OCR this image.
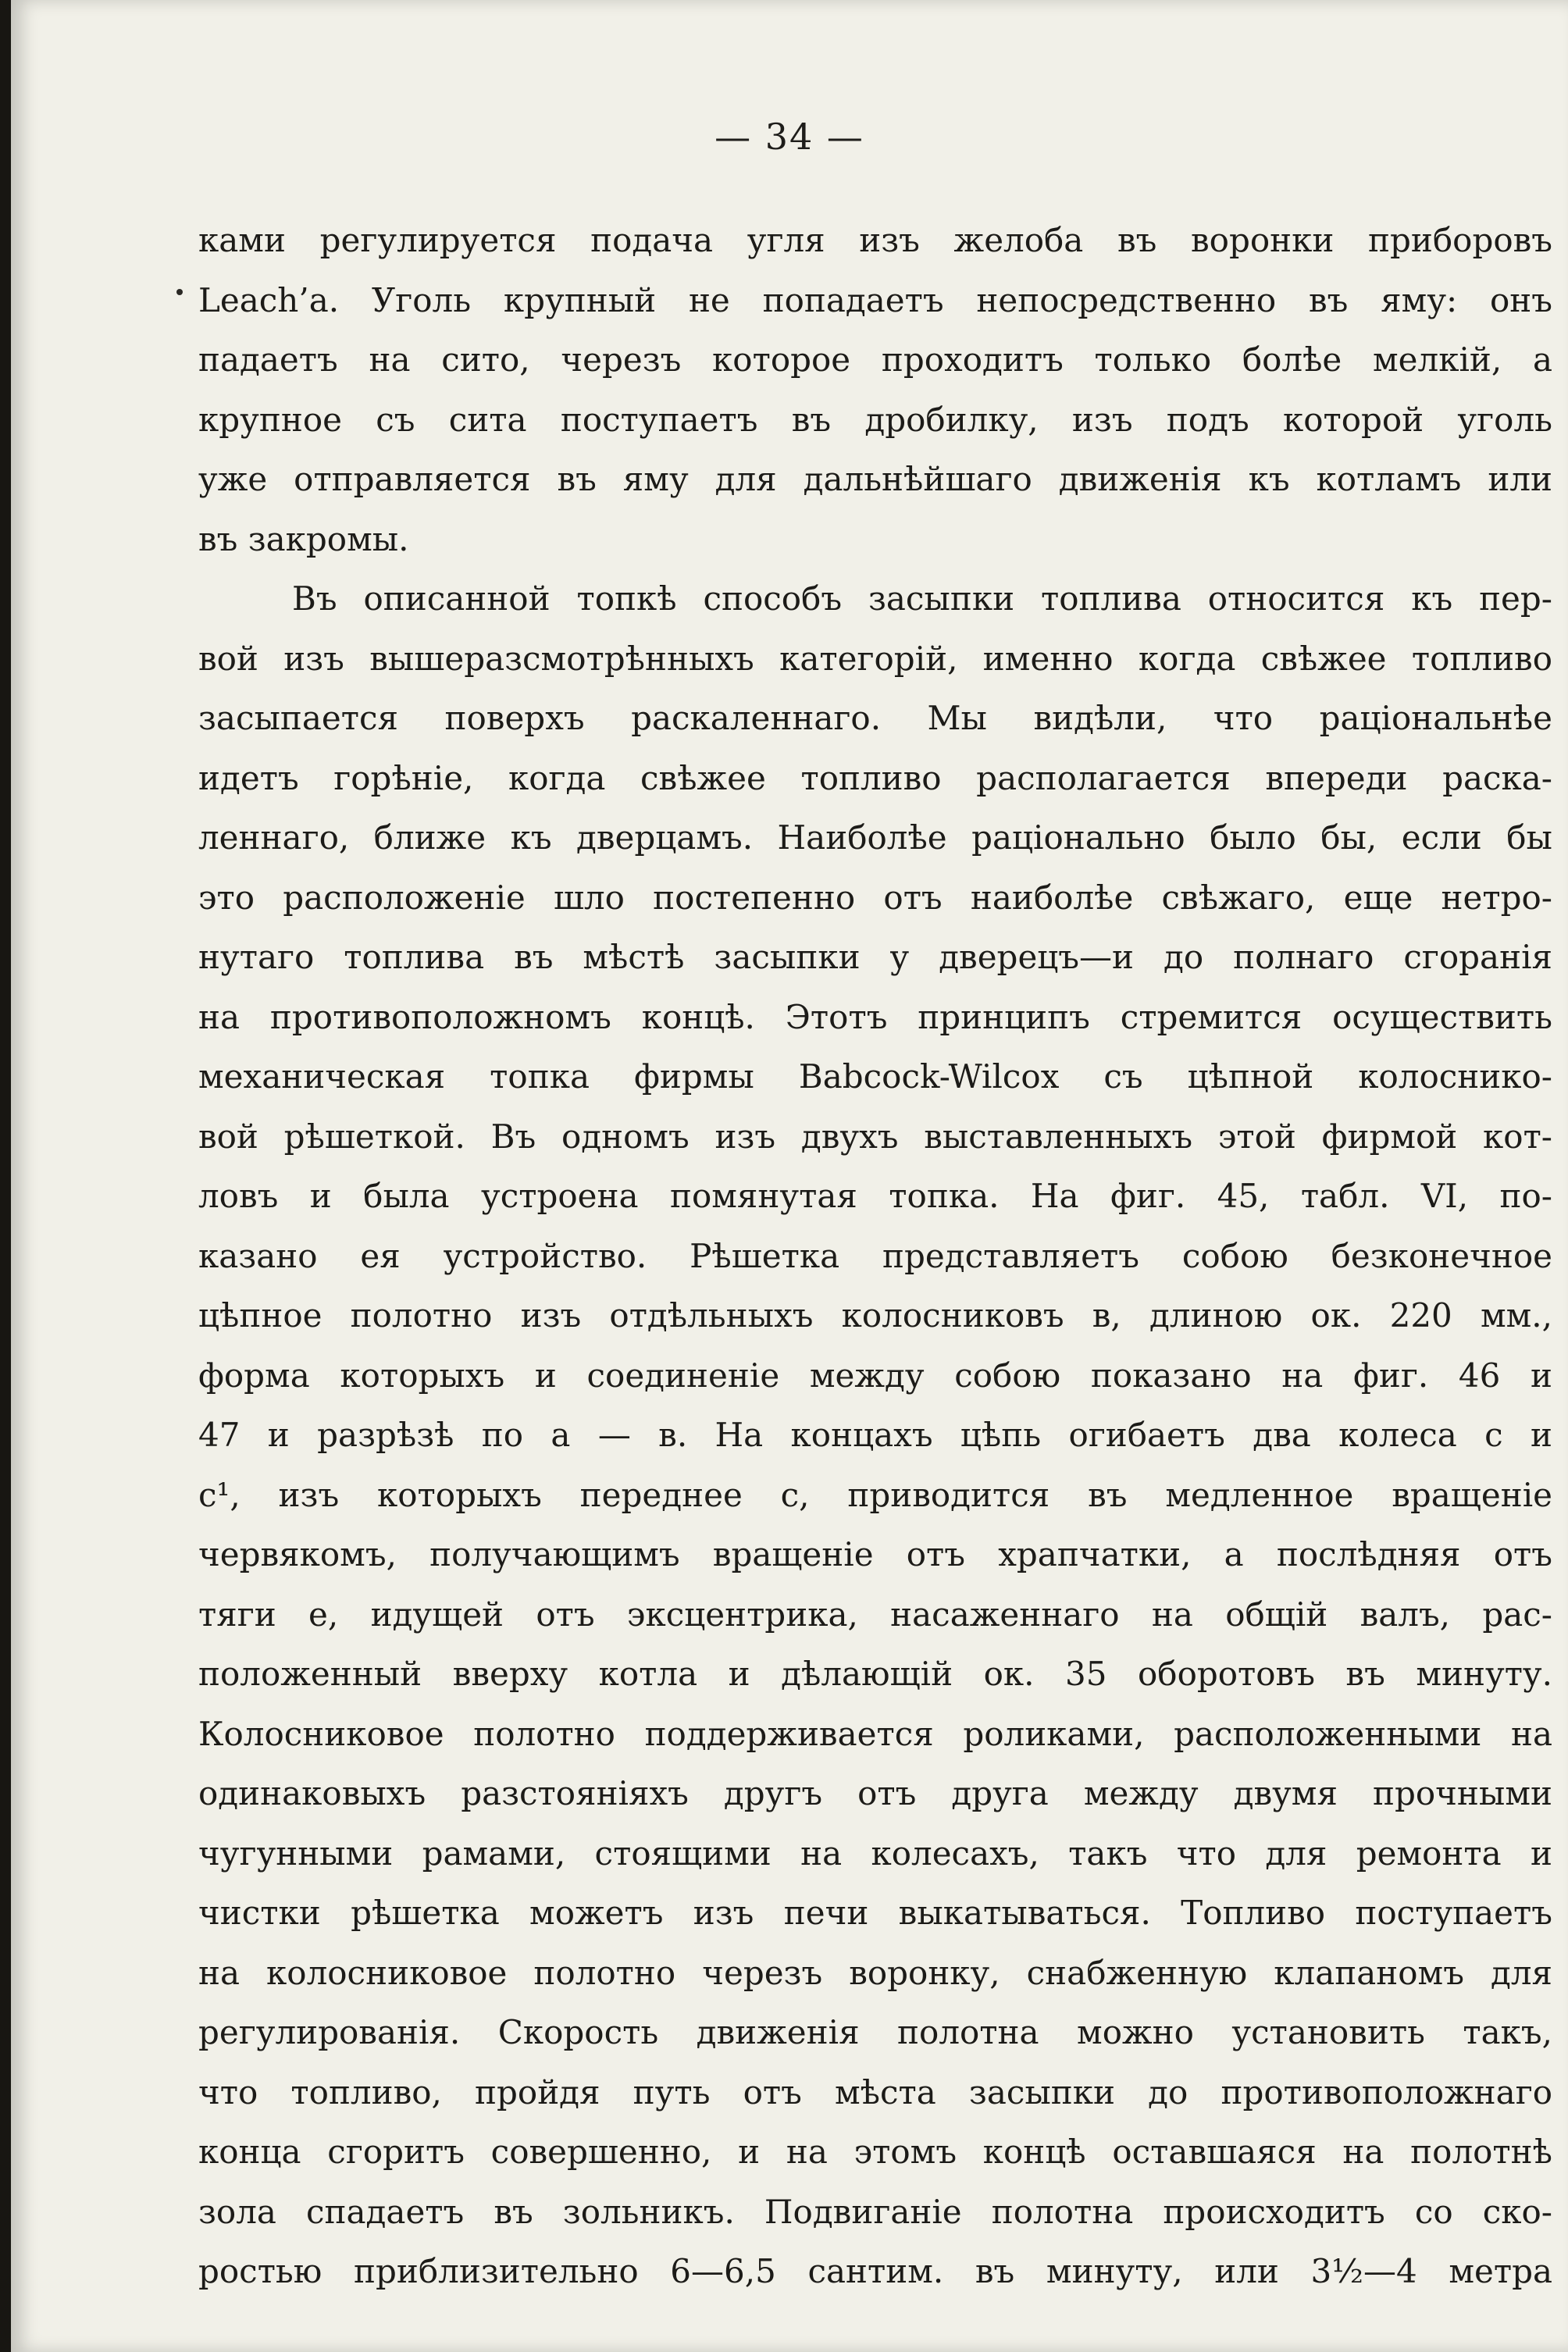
— 34 —
ками регулируется подача угля изъ желоба въ воронки приборовъ
Leach’a. Уголь крупный не попадаетъ непосредственно въ яму: онъ
падаетъ на сито, черезъ которое проходитъ только болѣе мелкій, а
крупное съ сита поступаетъ въ дробилку, изъ подъ которой уголь
уже отправляется въ яму для дальнѣйшаго движенія къ котламъ или
въ закромы.
Въ описанной топкѣ способъ засыпки топлива относится къ пер-
вой изъ вышеразсмотрѣнныхъ категорій, именно когда свѣжее топливо
засыпается поверхъ раскаленнаго. Мы видѣли, что раціональнѣе
идетъ горѣніе, когда свѣжее топливо располагается впереди раска-
леннаго, ближе къ дверцамъ. Наиболѣе раціонально было бы, если бы
это расположеніе шло постепенно отъ наиболѣе свѣжаго, еще нетро-
нутаго топлива въ мѣстѣ засыпки у дверецъ—и до полнаго сгоранія
на противоположномъ концѣ. Этотъ принципъ стремится осуществить
механическая топка фирмы Babcock-Wilcox съ цѣпной колоснико-
вой рѣшеткой. Въ одномъ изъ двухъ выставленныхъ этой фирмой кот-
ловъ и была устроена помянутая топка. На фиг. 45, табл. VI, по-
казано ея устройство. Рѣшетка представляетъ собою безконечное
цѣпное полотно изъ отдѣльныхъ колосниковъ в, длиною ок. 220 мм.,
форма которыхъ и соединеніе между собою показано на фиг. 46 и
47 и разрѣзѣ по а — в. На концахъ цѣпь огибаетъ два колеса с и
c¹, изъ которыхъ переднее с, приводится въ медленное вращеніе
червякомъ, получающимъ вращеніе отъ храпчатки, а послѣдняя отъ
тяги е, идущей отъ эксцентрика, насаженнаго на общій валъ, рас-
положенный вверху котла и дѣлающій ок. 35 оборотовъ въ минуту.
Колосниковое полотно поддерживается роликами, расположенными на
одинаковыхъ разстояніяхъ другъ отъ друга между двумя прочными
чугунными рамами, стоящими на колесахъ, такъ что для ремонта и
чистки рѣшетка можетъ изъ печи выкатываться. Топливо поступаетъ
на колосниковое полотно черезъ воронку, снабженную клапаномъ для
регулированія. Скорость движенія полотна можно установить такъ,
что топливо, пройдя путь отъ мѣста засыпки до противоположнаго
конца сгоритъ совершенно, и на этомъ концѣ оставшаяся на полотнѣ
зола спадаетъ въ зольникъ. Подвиганіе полотна происходитъ со ско-
ростью приблизительно 6—6,5 сантим. въ минуту, или 3½—4 метра
